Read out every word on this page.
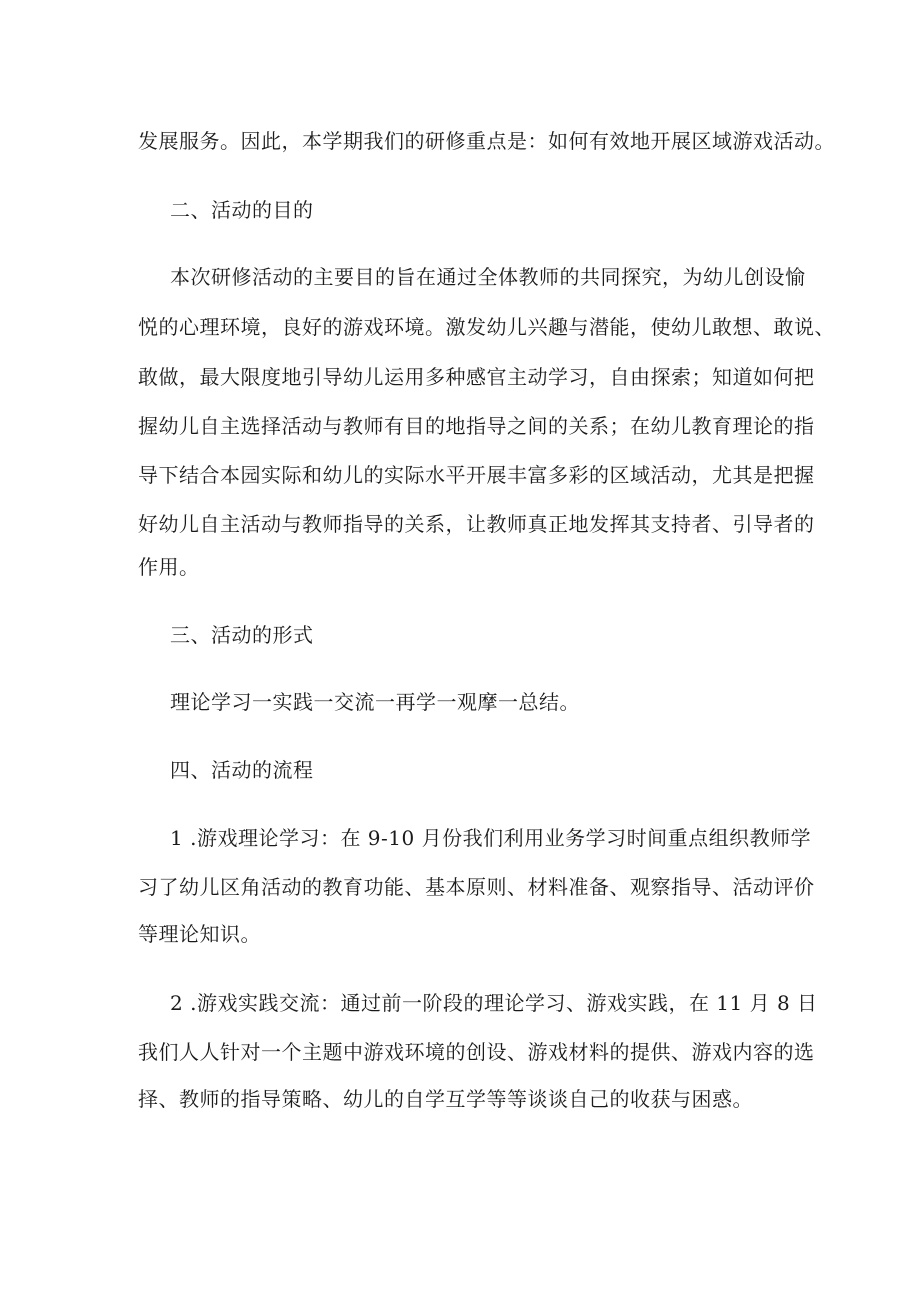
发展服务。因此，本学期我们的研修重点是：如何有效地开展区域游戏活动。
二、活动的目的
本次研修活动的主要目的旨在通过全体教师的共同探究，为幼儿创设愉
悦的心理环境，良好的游戏环境。激发幼儿兴趣与潜能，使幼儿敢想、敢说、
敢做，最大限度地引导幼儿运用多种感官主动学习，自由探索；知道如何把
握幼儿自主选择活动与教师有目的地指导之间的关系；在幼儿教育理论的指
导下结合本园实际和幼儿的实际水平开展丰富多彩的区域活动，尤其是把握
好幼儿自主活动与教师指导的关系，让教师真正地发挥其支持者、引导者的
作用。
三、活动的形式
理论学习一实践一交流一再学一观摩一总结。
四、活动的流程
1 .游戏理论学习：在 9-10 月份我们利用业务学习时间重点组织教师学
习了幼儿区角活动的教育功能、基本原则、材料准备、观察指导、活动评价
等理论知识。
2 .游戏实践交流：通过前一阶段的理论学习、游戏实践，在 11 月 8 日
我们人人针对一个主题中游戏环境的创设、游戏材料的提供、游戏内容的选
择、教师的指导策略、幼儿的自学互学等等谈谈自己的收获与困惑。
